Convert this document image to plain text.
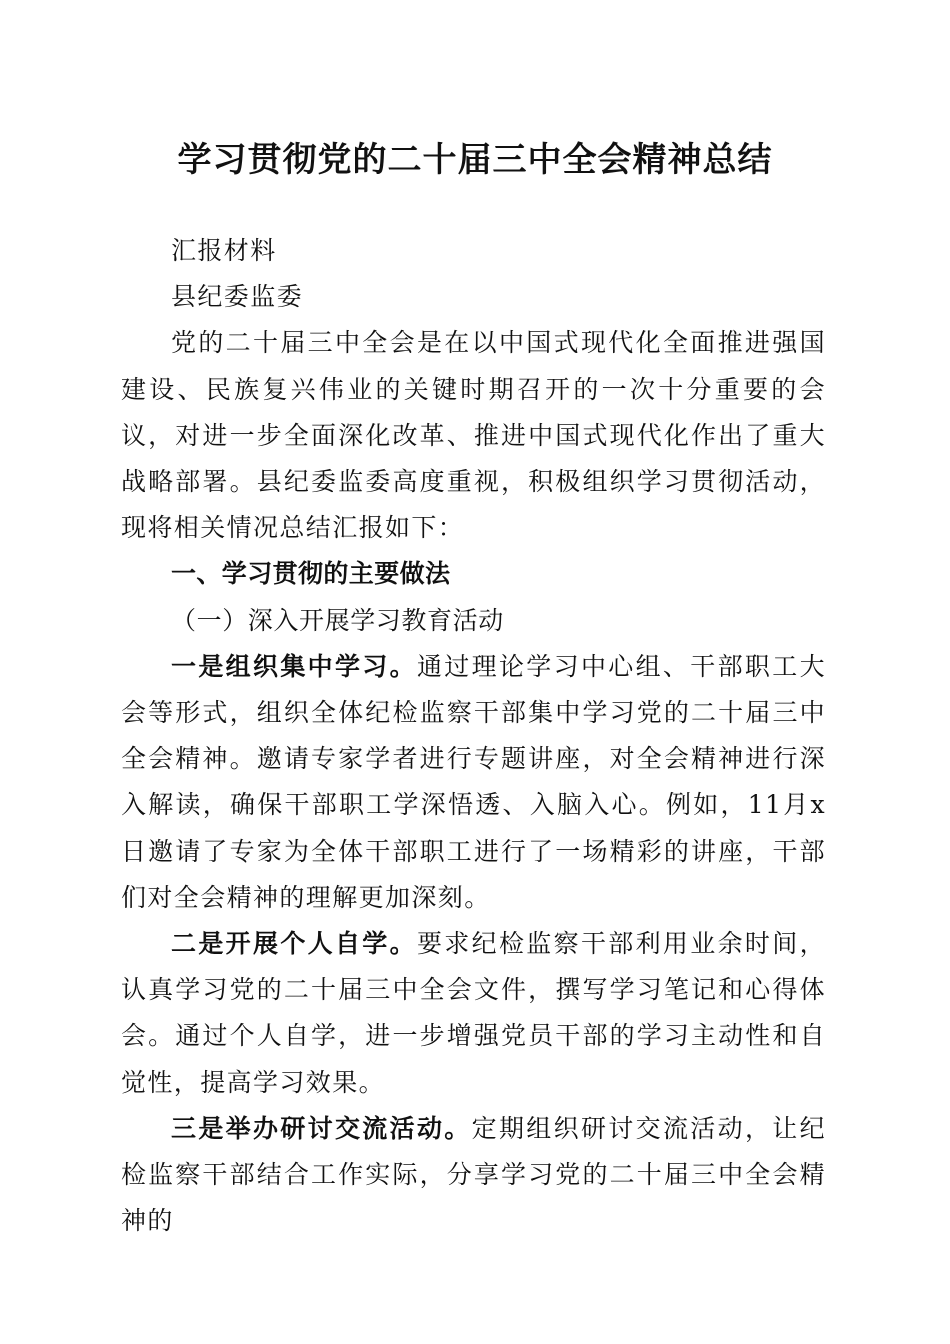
学习贯彻党的二十届三中全会精神总结

汇报材料

县纪委监委

党的二十届三中全会是在以中国式现代化全面推进强国建设、民族复兴伟业的关键时期召开的一次十分重要的会议，对进一步全面深化改革、推进中国式现代化作出了重大战略部署。县纪委监委高度重视，积极组织学习贯彻活动，现将相关情况总结汇报如下：

一、学习贯彻的主要做法

（一）深入开展学习教育活动

一是组织集中学习。通过理论学习中心组、干部职工大会等形式，组织全体纪检监察干部集中学习党的二十届三中全会精神。邀请专家学者进行专题讲座，对全会精神进行深入解读，确保干部职工学深悟透、入脑入心。例如，11月x日邀请了专家为全体干部职工进行了一场精彩的讲座，干部们对全会精神的理解更加深刻。

二是开展个人自学。要求纪检监察干部利用业余时间，认真学习党的二十届三中全会文件，撰写学习笔记和心得体会。通过个人自学，进一步增强党员干部的学习主动性和自觉性，提高学习效果。

三是举办研讨交流活动。定期组织研讨交流活动，让纪检监察干部结合工作实际，分享学习党的二十届三中全会精神的
